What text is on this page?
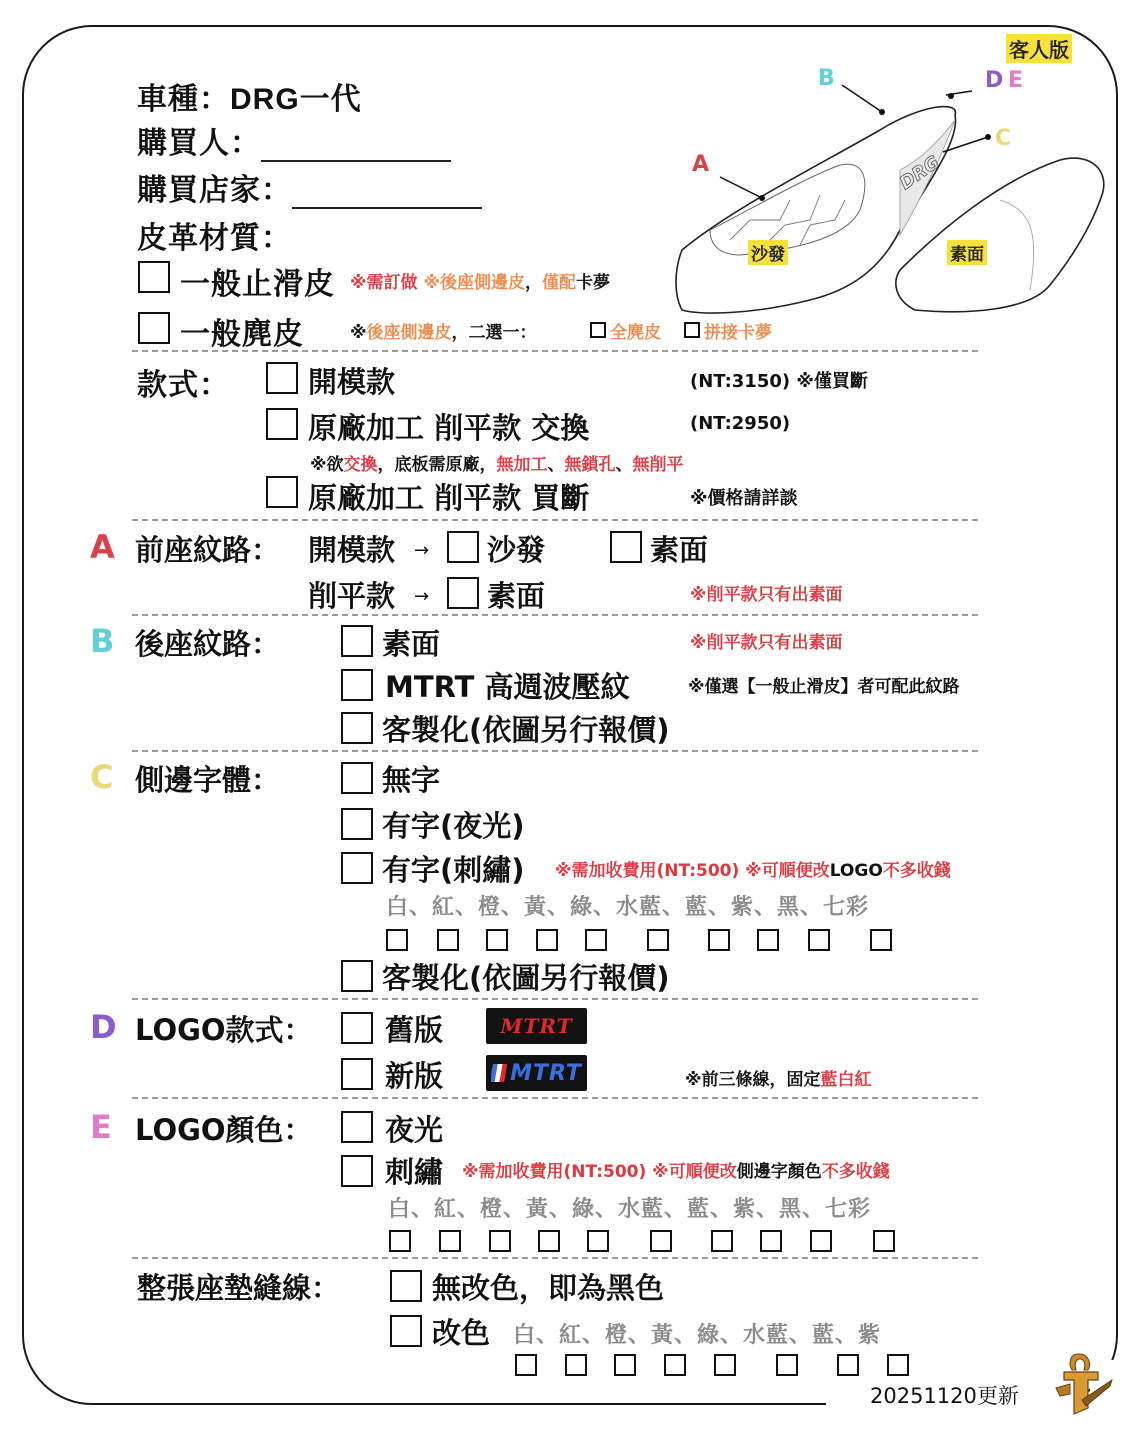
客人版
車種：DRG一代
購買人：
購買店家：
皮革材質：
一般止滑皮 ※需訂做 ※後座側邊皮，僅配卡夢
一般麂皮	※後座側邊皮，二選一：	全麂皮	拼接卡夢
DRG
A
B
C
D E
沙發	素面
款式：	開模款	(NT:3150) ※僅買斷
原廠加工 削平款 交換	(NT:2950)
※欲交換，底板需原廠，無加工、無鎖孔、無削平
原廠加工 削平款 買斷	※價格請詳談
A 前座紋路： 開模款 → 沙發	素面
削平款 → 素面	※削平款只有出素面
B 後座紋路：	素面	※削平款只有出素面
MTRT 高週波壓紋	※僅選【一般止滑皮】者可配此紋路
客製化(依圖另行報價)
C 側邊字體：	無字
有字(夜光)
有字(刺繡) ※需加收費用(NT:500) ※可順便改LOGO不多收錢
白、紅、橙、黃、綠、水藍、藍、紫、黑、七彩
客製化(依圖另行報價)
D LOGO款式： 舊版	MTRT
新版	MTRT	※前三條線，固定藍白紅
E LOGO顏色： 夜光
刺繡 ※需加收費用(NT:500) ※可順便改側邊字顏色不多收錢
白、紅、橙、黃、綠、水藍、藍、紫、黑、七彩
整張座墊縫線：	無改色，即為黑色
改色 白、紅、橙、黃、綠、水藍、藍、紫
20251120更新
